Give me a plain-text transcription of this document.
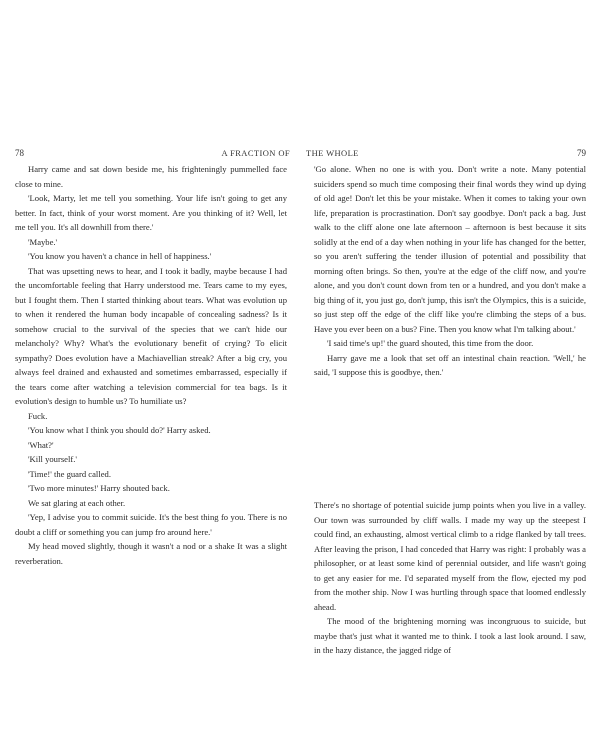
78	A FRACTION OF

Harry came and sat down beside me, his frighteningly pummelled face close to mine.

'Look, Marty, let me tell you something. Your life isn't going to get any better. In fact, think of your worst moment. Are you thinking of it? Well, let me tell you. It's all downhill from there.'

'Maybe.'

'You know you haven't a chance in hell of happiness.'

That was upsetting news to hear, and I took it badly, maybe because I had the uncomfortable feeling that Harry understood me. Tears came to my eyes, but I fought them. Then I started thinking about tears. What was evolution up to when it rendered the human body incapable of concealing sadness? Is it somehow crucial to the survival of the species that we can't hide our melancholy? Why? What's the evolutionary benefit of crying? To elicit sympathy? Does evolution have a Machiavellian streak? After a big cry, you always feel drained and exhausted and sometimes embarrassed, especially if the tears come after watching a television commercial for tea bags. Is it evolution's design to humble us? To humiliate us?

Fuck.

'You know what I think you should do?' Harry asked.

'What?'

'Kill yourself.'

'Time!' the guard called.

'Two more minutes!' Harry shouted back.

We sat glaring at each other.

'Yep, I advise you to commit suicide. It's the best thing fo you. There is no doubt a cliff or something you can jump fro around here.'

My head moved slightly, though it wasn't a nod or a shake It was a slight reverberation.

THE WHOLE	79

'Go alone. When no one is with you. Don't write a note. Many potential suiciders spend so much time composing their final words they wind up dying of old age! Don't let this be your mistake. When it comes to taking your own life, preparation is procrastination. Don't say goodbye. Don't pack a bag. Just walk to the cliff alone one late afternoon – afternoon is best because it sits solidly at the end of a day when nothing in your life has changed for the better, so you aren't suffering the tender illusion of potential and possibility that morning often brings. So then, you're at the edge of the cliff now, and you're alone, and you don't count down from ten or a hundred, and you don't make a big thing of it, you just go, don't jump, this isn't the Olympics, this is a suicide, so just step off the edge of the cliff like you're climbing the steps of a bus. Have you ever been on a bus? Fine. Then you know what I'm talking about.'

'I said time's up!' the guard shouted, this time from the door.

Harry gave me a look that set off an intestinal chain reaction. 'Well,' he said, 'I suppose this is goodbye, then.'

There's no shortage of potential suicide jump points when you live in a valley. Our town was surrounded by cliff walls. I made my way up the steepest I could find, an exhausting, almost vertical climb to a ridge flanked by tall trees. After leaving the prison, I had conceded that Harry was right: I probably was a philosopher, or at least some kind of perennial outsider, and life wasn't going to get any easier for me. I'd separated myself from the flow, ejected my pod from the mother ship. Now I was hurtling through space that loomed endlessly ahead.

The mood of the brightening morning was incongruous to suicide, but maybe that's just what it wanted me to think. I took a last look around. I saw, in the hazy distance, the jagged ridge of
